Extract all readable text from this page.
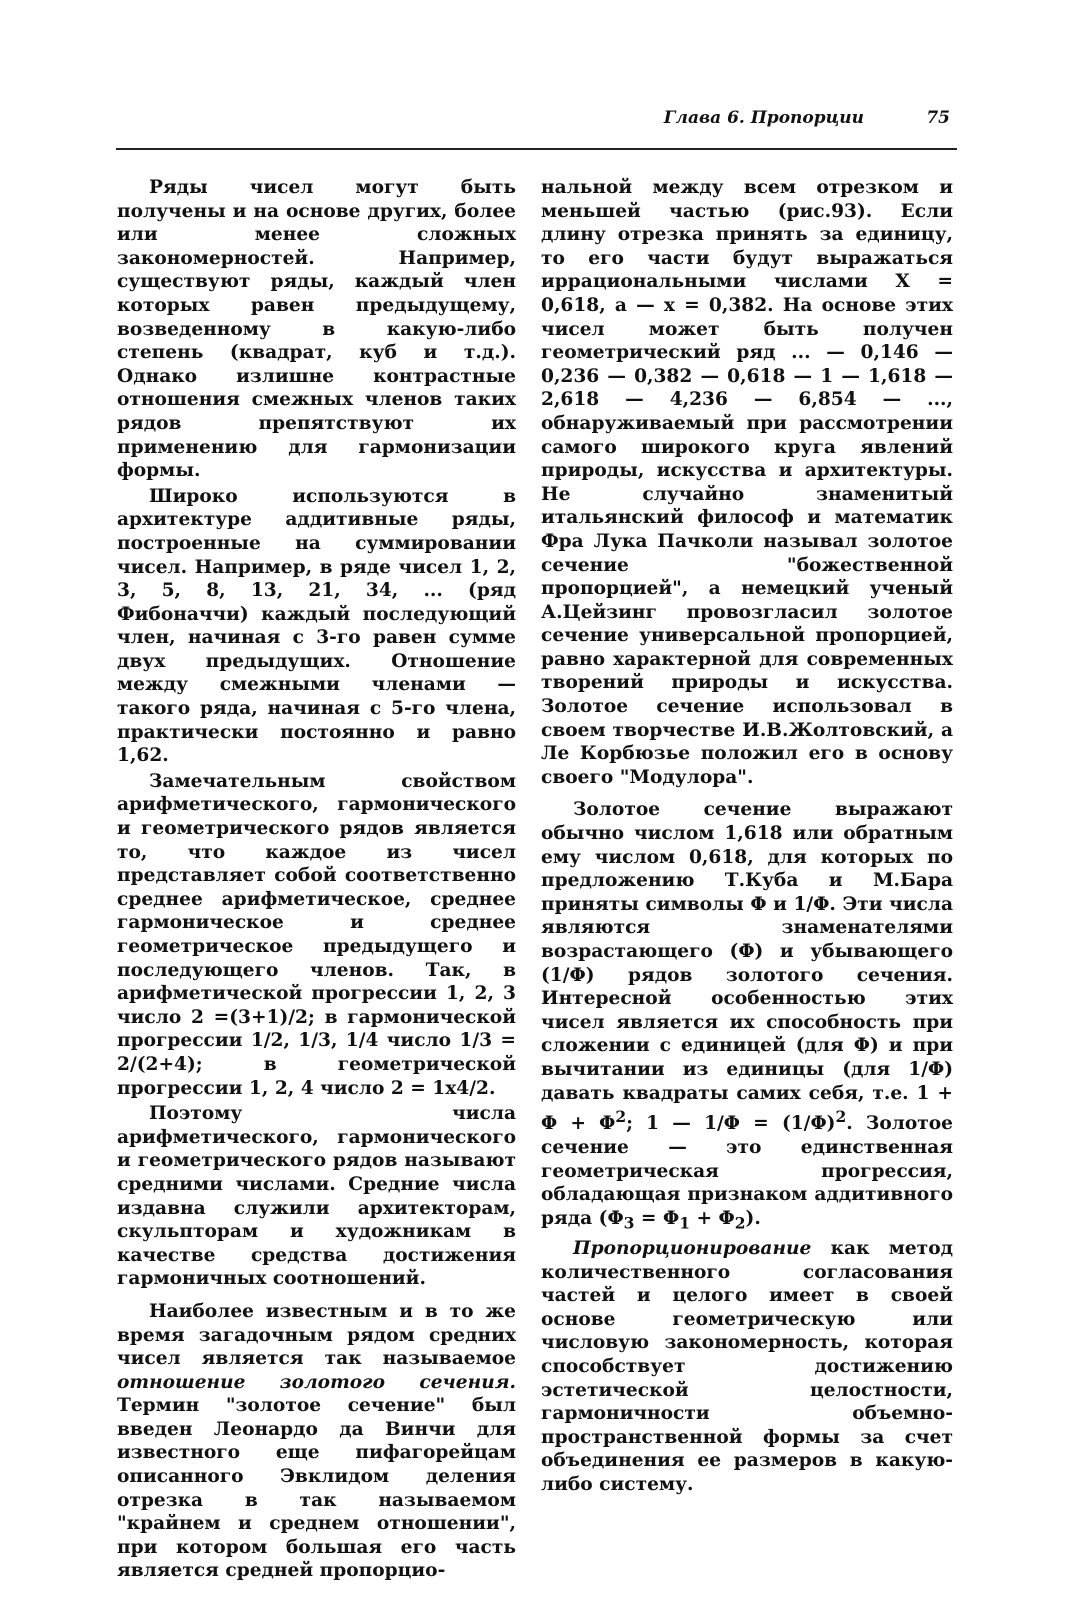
Глава 6. Пропорции	75

Ряды чисел могут быть получены и на основе других, более или менее сложных закономерностей. Например, существуют ряды, каждый член которых равен предыдущему, возведенному в какую-либо степень (квадрат, куб и т.д.). Однако излишне контрастные отношения смежных членов таких рядов препятствуют их применению для гармонизации формы.

Широко используются в архитектуре аддитивные ряды, построенные на суммировании чисел. Например, в ряде чисел 1, 2, 3, 5, 8, 13, 21, 34, ... (ряд Фибоначчи) каждый последующий член, начиная с 3-го равен сумме двух предыдущих. Отношение между смежными членами — такого ряда, начиная с 5-го члена, практически постоянно и равно 1,62.

Замечательным свойством арифметического, гармонического и геометрического рядов является то, что каждое из чисел представляет собой соответственно среднее арифметическое, среднее гармоническое и среднее геометрическое предыдущего и последующего членов. Так, в арифметической прогрессии 1, 2, 3 число 2 =(3+1)/2; в гармонической прогрессии 1/2, 1/3, 1/4 число 1/3 = 2/(2+4); в геометрической прогрессии 1, 2, 4 число 2 = 1x4/2.

Поэтому числа арифметического, гармонического и геометрического рядов называют средними числами. Средние числа издавна служили архитекторам, скульпторам и художникам в качестве средства достижения гармоничных соотношений.

Наиболее известным и в то же время загадочным рядом средних чисел является так называемое отношение золотого сечения. Термин "золотое сечение" был введен Леонардо да Винчи для известного еще пифагорейцам описанного Эвклидом деления отрезка в так называемом "крайнем и среднем отношении", при котором большая его часть является средней пропорцио-

нальной между всем отрезком и меньшей частью (рис.93). Если длину отрезка принять за единицу, то его части будут выражаться иррациональными числами X = 0,618, a — x = 0,382. На основе этих чисел может быть получен геометрический ряд ... — 0,146 — 0,236 — 0,382 — 0,618 — 1 — 1,618 — 2,618 — 4,236 — 6,854 — ..., обнаруживаемый при рассмотрении самого широкого круга явлений природы, искусства и архитектуры. Не случайно знаменитый итальянский философ и математик Фра Лука Пачколи называл золотое сечение "божественной пропорцией", а немецкий ученый А.Цейзинг провозгласил золотое сечение универсальной пропорцией, равно характерной для современных творений природы и искусства. Золотое сечение использовал в своем творчестве И.В.Жолтовский, а Ле Корбюзье положил его в основу своего "Модулора".

Золотое сечение выражают обычно числом 1,618 или обратным ему числом 0,618, для которых по предложению Т.Куба и М.Бара приняты символы Φ и 1/Φ. Эти числа являются знаменателями возрастающего (Φ) и убывающего (1/Φ) рядов золотого сечения. Интересной особенностью этих чисел является их способность при сложении с единицей (для Φ) и при вычитании из единицы (для 1/Φ) давать квадраты самих себя, т.е. $1 + \Phi + \Phi^2$; 1 — $1/\Phi = (1/\Phi)^2$. Золотое сечение — это единственная геометрическая прогрессия, обладающая признаком аддитивного ряда $(\Phi_3 = \Phi_1 + \Phi_2)$.

Пропорционирование как метод количественного согласования частей и целого имеет в своей основе геометрическую или числовую закономерность, которая способствует достижению эстетической целостности, гармоничности объемно-пространственной формы за счет объединения ее размеров в какую-либо систему.
